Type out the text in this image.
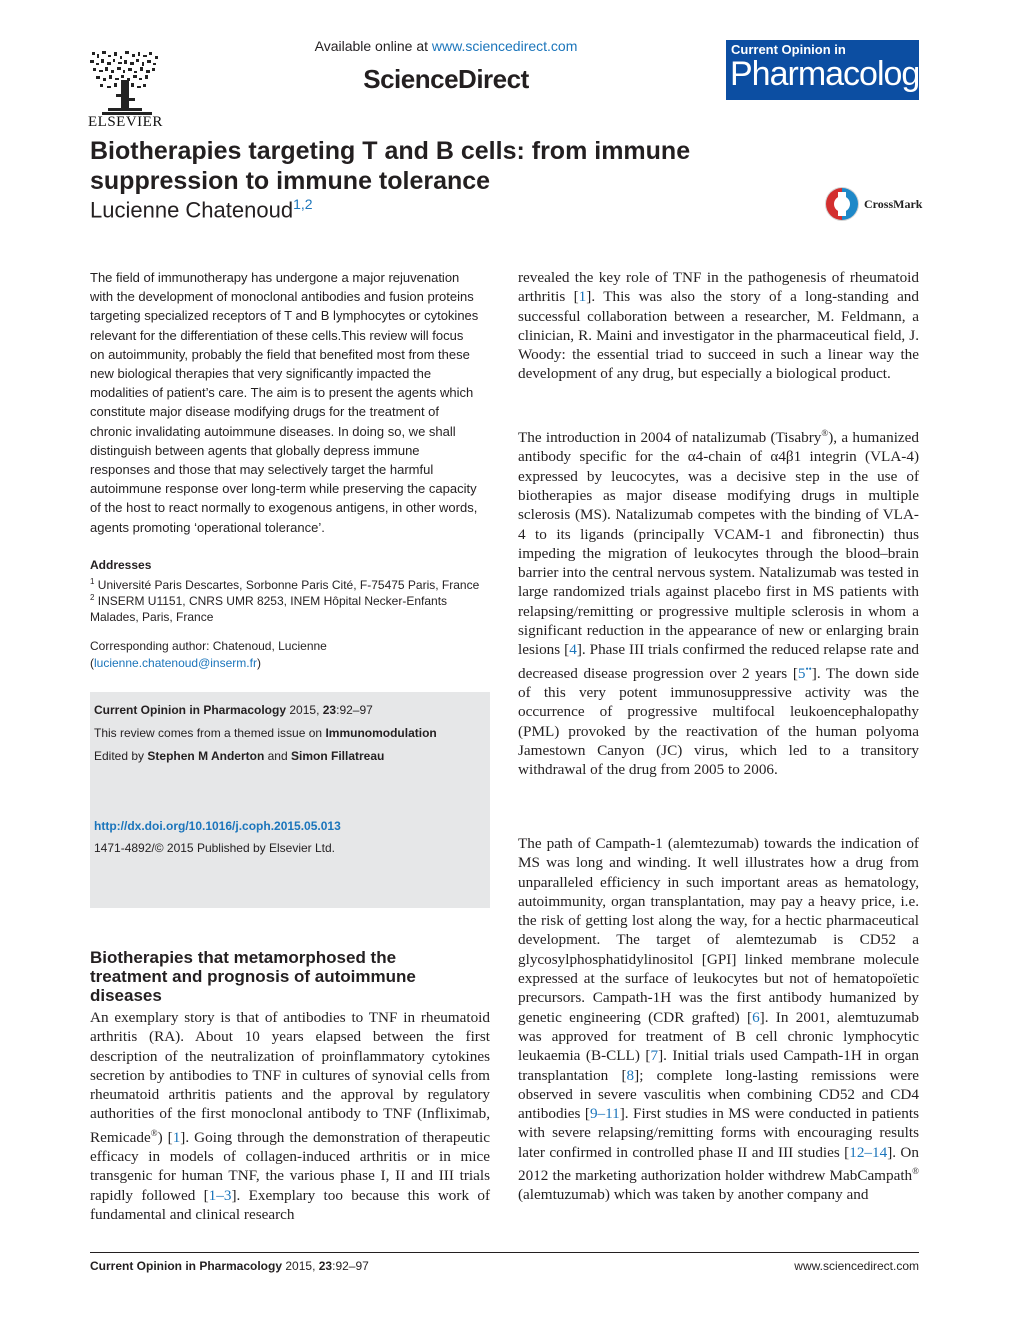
ELSEVIER
Available online at www.sciencedirect.com
ScienceDirect
Current Opinion in
Pharmacology
Biotherapies targeting T and B cells: from immune
suppression to immune tolerance
Lucienne Chatenoud$^{1,2}$	CrossMark
The field of immunotherapy has undergone a major rejuvenation with the development of monoclonal antibodies and fusion proteins targeting specialized receptors of T and B lymphocytes or cytokines relevant for the differentiation of these cells.This review will focus on autoimmunity, probably the field that benefited most from these new biological therapies that very significantly impacted the modalities of patient’s care. The aim is to present the agents which constitute major disease modifying drugs for the treatment of chronic invalidating autoimmune diseases. In doing so, we shall distinguish between agents that globally depress immune responses and those that may selectively target the harmful autoimmune response over long-term while preserving the capacity of the host to react normally to exogenous antigens, in other words, agents promoting ‘operational tolerance’.
Addresses
$^1$ Université Paris Descartes, Sorbonne Paris Cité, F-75475 Paris, France
$^2$ INSERM U1151, CNRS UMR 8253, INEM Hôpital Necker-Enfants
Malades, Paris, France
Corresponding author: Chatenoud, Lucienne
(lucienne.chatenoud@inserm.fr)
Current Opinion in Pharmacology 2015, 23:92–97
This review comes from a themed issue on Immunomodulation
Edited by Stephen M Anderton and Simon Fillatreau
http://dx.doi.org/10.1016/j.coph.2015.05.013
1471-4892/© 2015 Published by Elsevier Ltd.
Biotherapies that metamorphosed the
treatment and prognosis of autoimmune
diseases

An exemplary story is that of antibodies to TNF in rheumatoid arthritis (RA). About 10 years elapsed between the first description of the neutralization of proinflammatory cytokines secretion by antibodies to TNF in cultures of synovial cells from rheumatoid arthritis patients and the approval by regulatory authorities of the first monoclonal antibody to TNF (Infliximab, Remicade®) [1]. Going through the demonstration of therapeutic efficacy in models of collagen-induced arthritis or in mice transgenic for human TNF, the various phase I, II and III trials rapidly followed [1–3]. Exemplary too because this work of fundamental and clinical research

revealed the key role of TNF in the pathogenesis of rheumatoid arthritis [1]. This was also the story of a long-standing and successful collaboration between a researcher, M. Feldmann, a clinician, R. Maini and investigator in the pharmaceutical field, J. Woody: the essential triad to succeed in such a linear way the development of any drug, but especially a biological product.

The introduction in 2004 of natalizumab (Tisabry®), a humanized antibody specific for the α4-chain of α4β1 integrin (VLA-4) expressed by leucocytes, was a decisive step in the use of biotherapies as major disease modifying drugs in multiple sclerosis (MS). Natalizumab competes with the binding of VLA-4 to its ligands (principally VCAM-1 and fibronectin) thus impeding the migration of leukocytes through the blood–brain barrier into the central nervous system. Natalizumab was tested in large randomized trials against placebo first in MS patients with relapsing/remitting or progressive multiple sclerosis in whom a significant reduction in the appearance of new or enlarging brain lesions [4]. Phase III trials confirmed the reduced relapse rate and decreased disease progression over 2 years [5••]. The down side of this very potent immunosuppressive activity was the occurrence of progressive multifocal leukoencephalopathy (PML) provoked by the reactivation of the human polyoma Jamestown Canyon (JC) virus, which led to a transitory withdrawal of the drug from 2005 to 2006.

The path of Campath-1 (alemtezumab) towards the indication of MS was long and winding. It well illustrates how a drug from unparalleled efficiency in such important areas as hematology, autoimmunity, organ transplantation, may pay a heavy price, i.e. the risk of getting lost along the way, for a hectic pharmaceutical development. The target of alemtezumab is CD52 a glycosylphosphatidylinositol [GPI] linked membrane molecule expressed at the surface of leukocytes but not of hematopoïetic precursors. Campath-1H was the first antibody humanized by genetic engineering (CDR grafted) [6]. In 2001, alemtuzumab was approved for treatment of B cell chronic lymphocytic leukaemia (B-CLL) [7]. Initial trials used Campath-1H in organ transplantation [8]; complete long-lasting remissions were observed in severe vasculitis when combining CD52 and CD4 antibodies [9–11]. First studies in MS were conducted in patients with severe relapsing/remitting forms with encouraging results later confirmed in controlled phase II and III studies [12–14]. On 2012 the marketing authorization holder withdrew MabCampath® (alemtuzumab) which was taken by another company and

Current Opinion in Pharmacology 2015, 23:92–97	www.sciencedirect.com
